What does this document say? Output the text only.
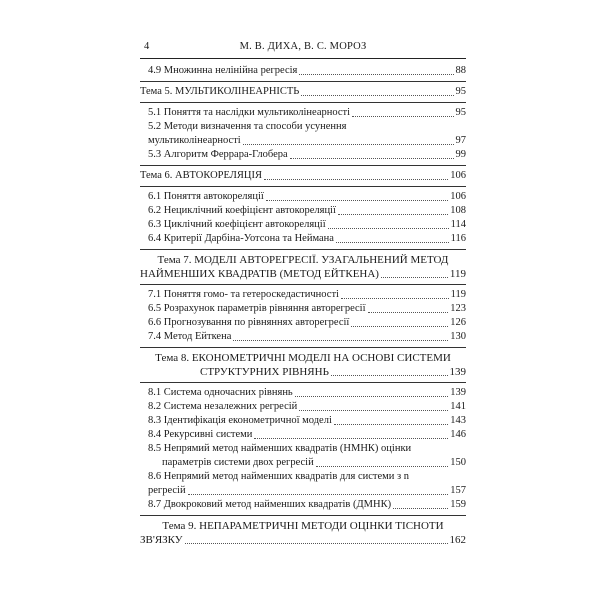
4	М. В. ДИХА, В. С. МОРОЗ
4.9 Множинна нелінійна регресія	88
Тема 5. МУЛЬТИКОЛІНЕАРНІСТЬ	95
5.1 Поняття та наслідки мультиколінеарності	95
5.2 Методи визначення та способи усунення
мультиколінеарності	97
5.3 Алгоритм Феррара-Глобера	99
Тема 6. АВТОКОРЕЛЯЦІЯ	106
6.1 Поняття автокореляції	106
6.2 Нециклічний коефіцієнт автокореляції	108
6.3 Циклічний коефіцієнт автокореляції	114
6.4 Критерії Дарбіна-Уотсона та Неймана	116
Тема 7. МОДЕЛІ АВТОРЕГРЕСІЇ. УЗАГАЛЬНЕНИЙ МЕТОД
НАЙМЕНШИХ КВАДРАТІВ (МЕТОД ЕЙТКЕНА)	119
7.1 Поняття гомо- та гетероскедастичності	119
6.5 Розрахунок параметрів рівняння авторегресії	123
6.6 Прогнозування по рівняннях авторегресії	126
7.4 Метод Ейткена	130
Тема 8. ЕКОНОМЕТРИЧНІ МОДЕЛІ НА ОСНОВІ СИСТЕМИ
СТРУКТУРНИХ РІВНЯНЬ	139
8.1 Система одночасних рівнянь	139
8.2 Система незалежних регресій	141
8.3 Ідентифікація економетричної моделі	143
8.4 Рекурсивні системи	146
8.5 Непрямий метод найменших квадратів (НМНК) оцінки
параметрів системи двох регресій	150
8.6 Непрямий метод найменших квадратів для системи з n
регресій	157
8.7 Двокроковий метод найменших квадратів (ДМНК)	159
Тема 9. НЕПАРАМЕТРИЧНІ МЕТОДИ ОЦІНКИ ТІСНОТИ
ЗВ'ЯЗКУ	162
